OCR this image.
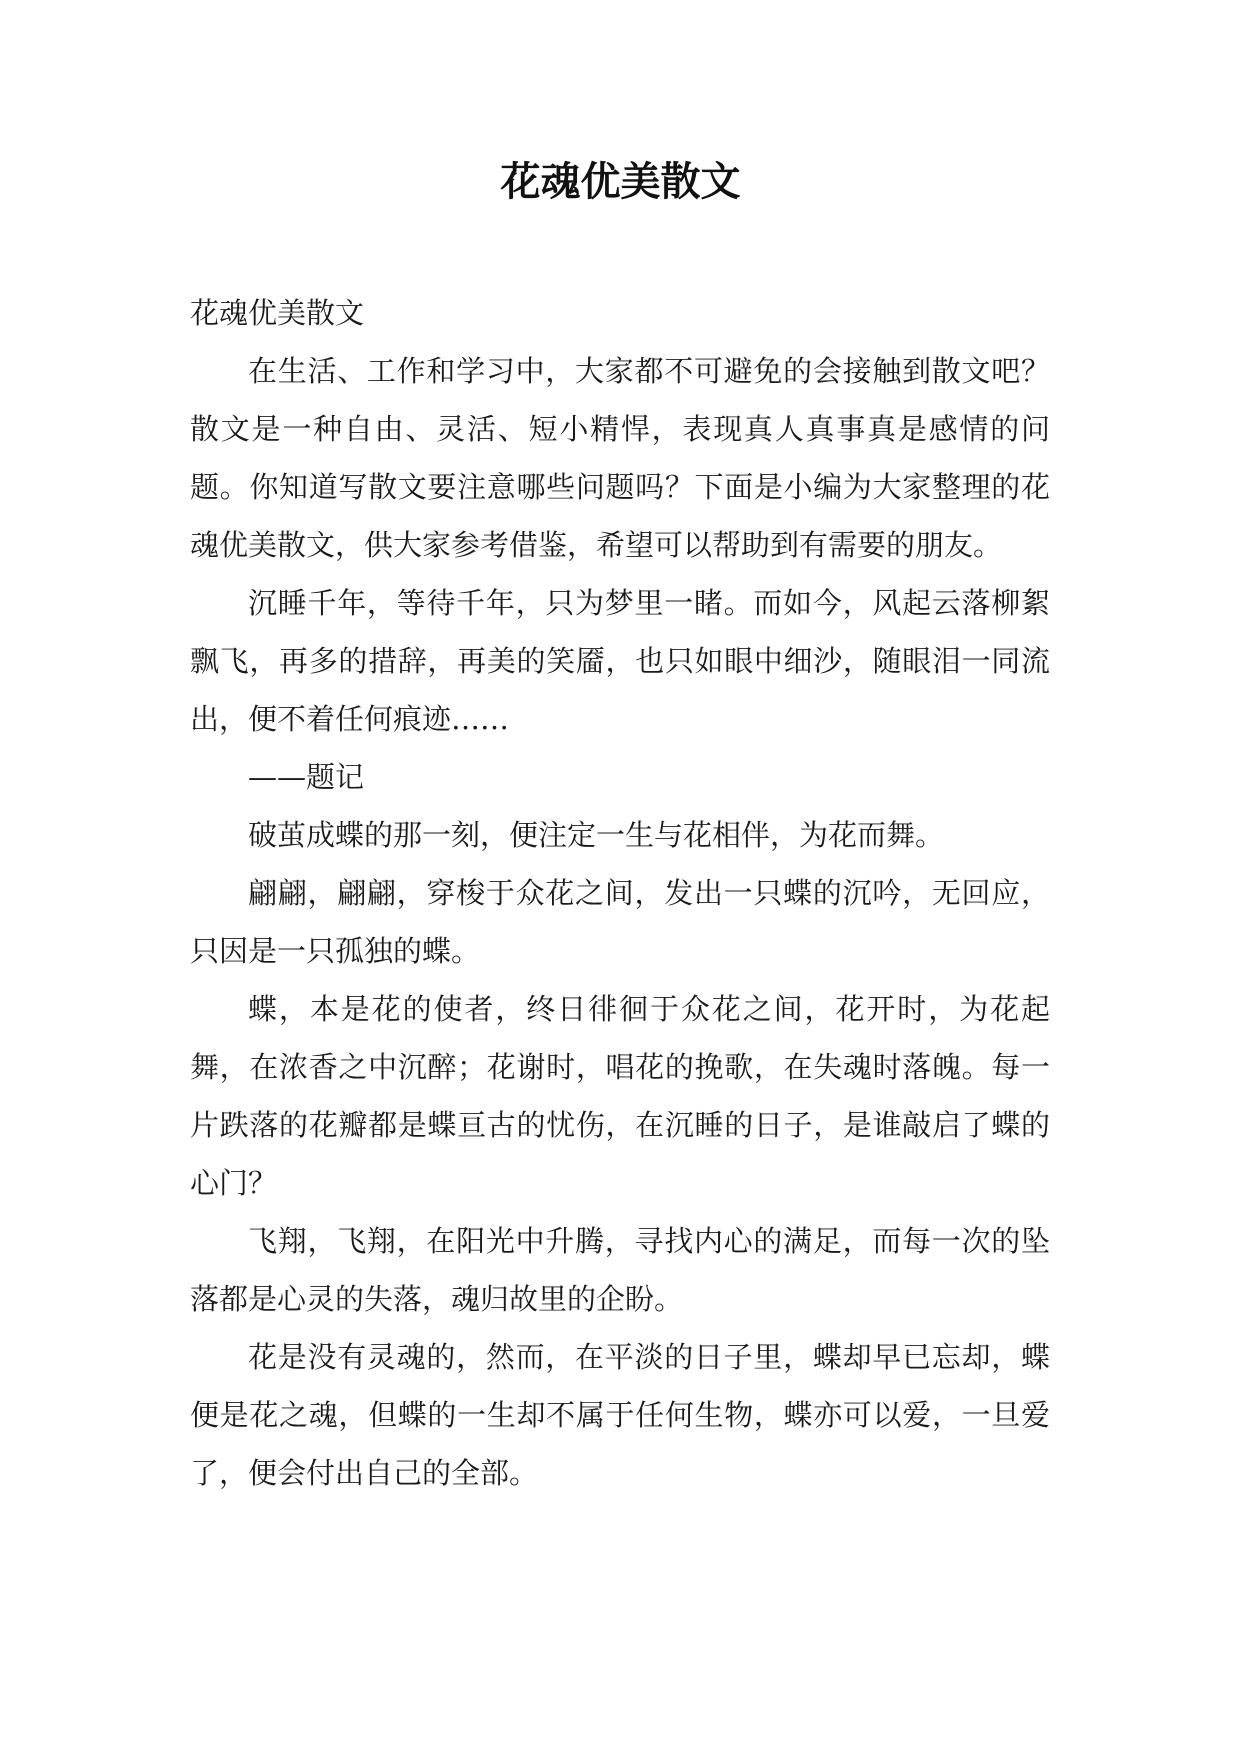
花魂优美散文

花魂优美散文

在生活、工作和学习中，大家都不可避免的会接触到散文吧？散文是一种自由、灵活、短小精悍，表现真人真事真是感情的问题。你知道写散文要注意哪些问题吗？下面是小编为大家整理的花魂优美散文，供大家参考借鉴，希望可以帮助到有需要的朋友。

沉睡千年，等待千年，只为梦里一睹。而如今，风起云落柳絮飘飞，再多的措辞，再美的笑靥，也只如眼中细沙，随眼泪一同流出，便不着任何痕迹……

——题记

破茧成蝶的那一刻，便注定一生与花相伴，为花而舞。

翩翩，翩翩，穿梭于众花之间，发出一只蝶的沉吟，无回应，只因是一只孤独的蝶。

蝶，本是花的使者，终日徘徊于众花之间，花开时，为花起舞，在浓香之中沉醉；花谢时，唱花的挽歌，在失魂时落魄。每一片跌落的花瓣都是蝶亘古的忧伤，在沉睡的日子，是谁敲启了蝶的心门？

飞翔，飞翔，在阳光中升腾，寻找内心的满足，而每一次的坠落都是心灵的失落，魂归故里的企盼。

花是没有灵魂的，然而，在平淡的日子里，蝶却早已忘却，蝶便是花之魂，但蝶的一生却不属于任何生物，蝶亦可以爱，一旦爱了，便会付出自己的全部。
